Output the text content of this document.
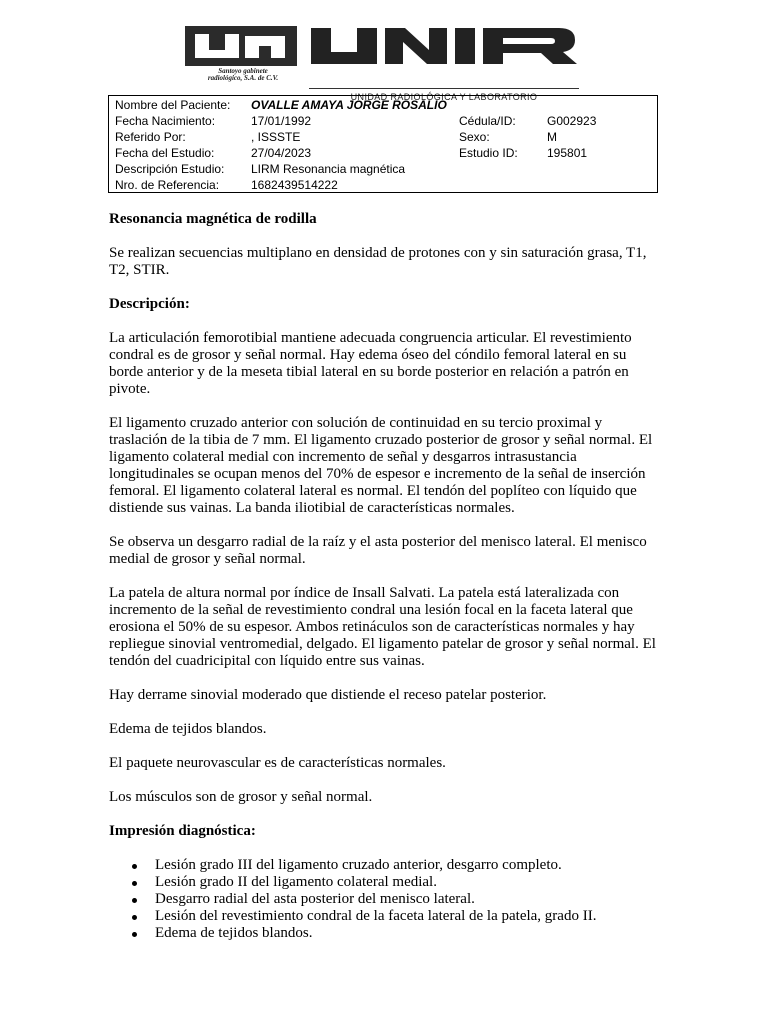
Santoyo gabinete
radiológico, S.A. de C.V.
UNIDAD RADIOLÓGICA Y LABORATORIO
Nombre del Paciente: OVALLE AMAYA JORGE ROSALIO
Fecha Nacimiento:	17/01/1992	Cédula/ID:	G002923
Referido Por:	, ISSSTE	Sexo:	M
Fecha del Estudio:	27/04/2023	Estudio ID: 195801
Descripción Estudio: LIRM Resonancia magnética
Nro. de Referencia:	1682439514222
Resonancia magnética de rodilla

Se realizan secuencias multiplano en densidad de protones con y sin saturación grasa, T1, T2, STIR.

Descripción:

La articulación femorotibial mantiene adecuada congruencia articular. El revestimiento condral es de grosor y señal normal. Hay edema óseo del cóndilo femoral lateral en su borde anterior y de la meseta tibial lateral en su borde posterior en relación a patrón en pivote.

El ligamento cruzado anterior con solución de continuidad en su tercio proximal y traslación de la tibia de 7 mm. El ligamento cruzado posterior de grosor y señal normal. El ligamento colateral medial con incremento de señal y desgarros intrasustancia longitudinales se ocupan menos del 70% de espesor e incremento de la señal de inserción femoral. El ligamento colateral lateral es normal. El tendón del poplíteo con líquido que distiende sus vainas. La banda iliotibial de características normales.

Se observa un desgarro radial de la raíz y el asta posterior del menisco lateral. El menisco medial de grosor y señal normal.

La patela de altura normal por índice de Insall Salvati. La patela está lateralizada con incremento de la señal de revestimiento condral una lesión focal en la faceta lateral que erosiona el 50% de su espesor. Ambos retináculos son de características normales y hay repliegue sinovial ventromedial, delgado. El ligamento patelar de grosor y señal normal. El tendón del cuadricipital con líquido entre sus vainas.

Hay derrame sinovial moderado que distiende el receso patelar posterior.

Edema de tejidos blandos.

El paquete neurovascular es de características normales.

Los músculos son de grosor y señal normal.

Impresión diagnóstica:
Lesión grado III del ligamento cruzado anterior, desgarro completo.
Lesión grado II del ligamento colateral medial.
Desgarro radial del asta posterior del menisco lateral.
Lesión del revestimiento condral de la faceta lateral de la patela, grado II.
Edema de tejidos blandos.
